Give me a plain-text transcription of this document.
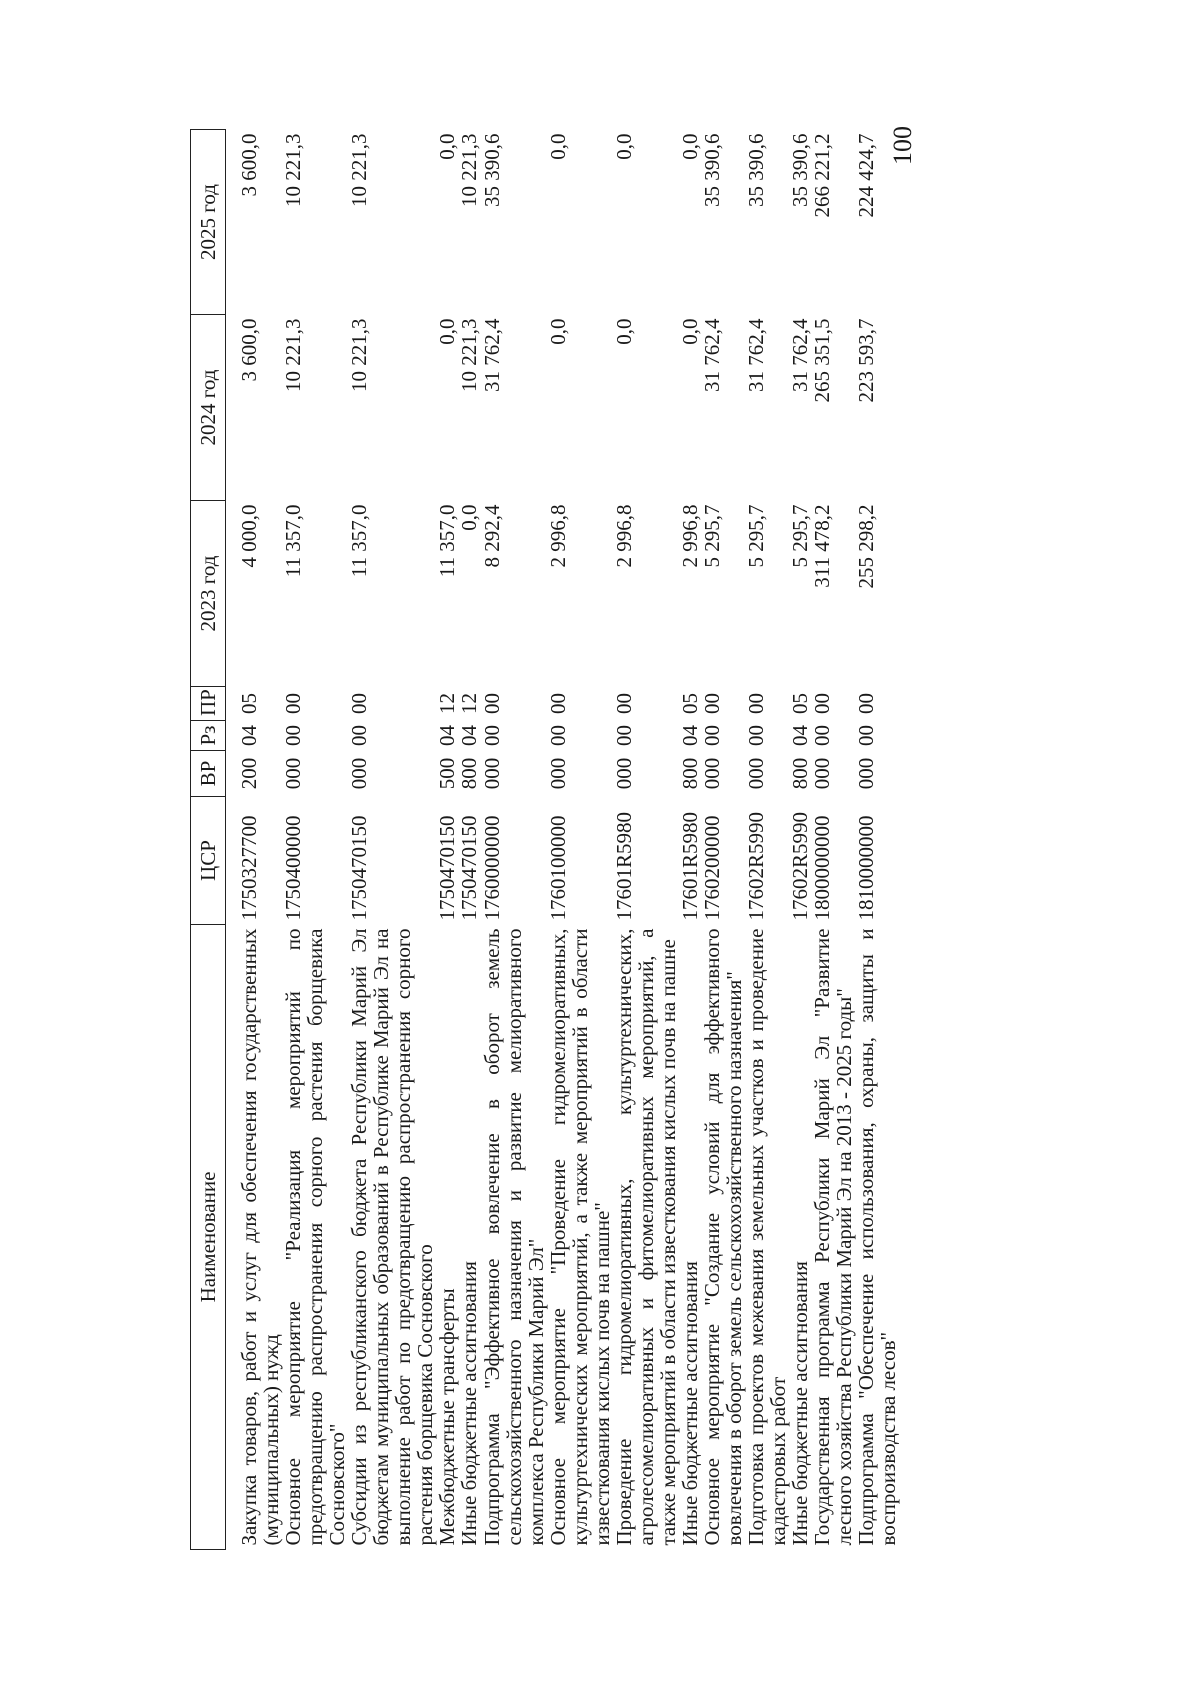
100
Наименование	ЦСР	ВР	Рз	ПР	2023 год	2024 год	2025 год
Закупка товаров, работ и услуг для обеспечения государственных (муниципальных) нужд	1750327700	200	04	05	4 000,0	3 600,0	3 600,0
Основное мероприятие "Реализация мероприятий по предотвращению распространения сорного растения борщевика Сосновского"	1750400000	000	00	00	11 357,0	10 221,3	10 221,3
Субсидии из республиканского бюджета Республики Марий Эл бюджетам муниципальных образований в Республике Марий Эл на выполнение работ по предотвращению распространения сорного растения борщевика Сосновского	1750470150	000	00	00	11 357,0	10 221,3	10 221,3
Межбюджетные трансферты	1750470150	500	04	12	11 357,0	0,0	0,0
Иные бюджетные ассигнования	1750470150	800	04	12	0,0	10 221,3	10 221,3
Подпрограмма "Эффективное вовлечение в оборот земель сельскохозяйственного назначения и развитие мелиоративного комплекса Республики Марий Эл"	1760000000	000	00	00	8 292,4	31 762,4	35 390,6
Основное мероприятие "Проведение гидромелиоративных, культуртехнических мероприятий, а также мероприятий в области известкования кислых почв на пашне"	1760100000	000	00	00	2 996,8	0,0	0,0
Проведение гидромелиоративных, культуртехнических, агролесомелиоративных и фитомелиоративных мероприятий, а также мероприятий в области известкования кислых почв на пашне	17601R5980	000	00	00	2 996,8	0,0	0,0
Иные бюджетные ассигнования	17601R5980	800	04	05	2 996,8	0,0	0,0
Основное мероприятие "Создание условий для эффективного вовлечения в оборот земель сельскохозяйственного назначения"	1760200000	000	00	00	5 295,7	31 762,4	35 390,6
Подготовка проектов межевания земельных участков и проведение кадастровых работ	17602R5990	000	00	00	5 295,7	31 762,4	35 390,6
Иные бюджетные ассигнования	17602R5990	800	04	05	5 295,7	31 762,4	35 390,6
Государственная программа Республики Марий Эл "Развитие лесного хозяйства Республики Марий Эл на 2013 - 2025 годы"	1800000000	000	00	00	311 478,2	265 351,5	266 221,2
Подпрограмма "Обеспечение использования, охраны, защиты и воспроизводства лесов"	1810000000	000	00	00	255 298,2	223 593,7	224 424,7
